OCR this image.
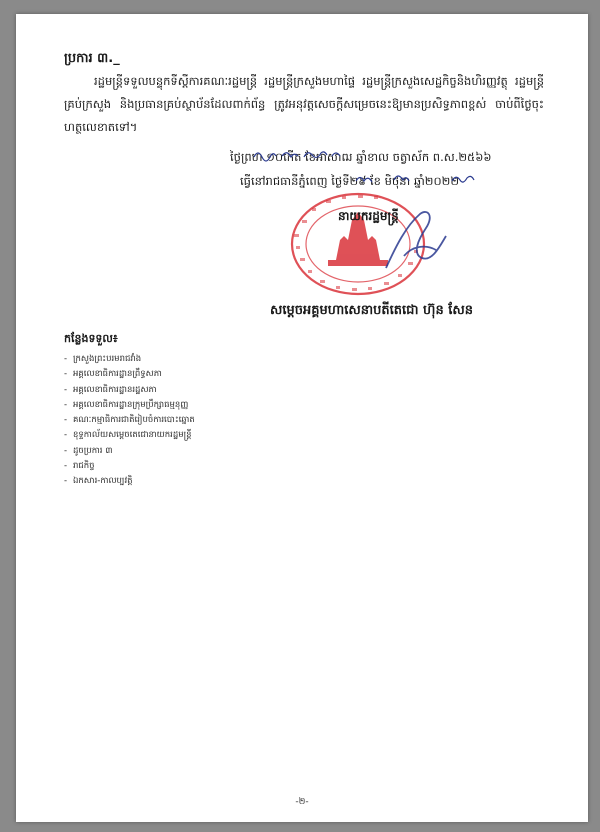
ប្រការ ៣._
រដ្ឋមន្ត្រីទទួលបន្ទុកទីស្តីការគណៈរដ្ឋមន្ត្រី រដ្ឋមន្ត្រីក្រសួងមហាផ្ទៃ រដ្ឋមន្ត្រីក្រសួងសេដ្ឋកិច្ចនិងហិរញ្ញវត្ថុ រដ្ឋមន្ត្រីគ្រប់ក្រសួង និងប្រធានគ្រប់ស្ថាប័នដែលពាក់ព័ន្ធ ត្រូវអនុវត្តសេចក្តីសម្រេចនេះឱ្យមានប្រសិទ្ធភាពខ្ពស់ ចាប់ពីថ្ងៃចុះហត្ថលេខាតទៅ។
ថ្ងៃព្រហ ១០កើត ខែអាសាឍ ឆ្នាំខាល ចត្វាស័ក ព.ស.២៥៦៦
ធ្វើនៅរាជធានីភ្នំពេញ ថ្ងៃទី២៩ ខែ មិថុនា ឆ្នាំ២០២២
នាយករដ្ឋមន្ត្រី
សម្តេចអគ្គមហាសេនាបតីតេជោ ហ៊ុន សែន
កន្លែងទទួល៖
- ក្រសួងព្រះបរមរាជវាំង
- អគ្គលេខាធិការដ្ឋានព្រឹទ្ធសភា
- អគ្គលេខាធិការដ្ឋានរដ្ឋសភា
- អគ្គលេខាធិការដ្ឋានក្រុមប្រឹក្សាធម្មនុញ្ញ
- គណៈកម្មាធិការជាតិរៀបចំការបោះឆ្នោត
- ខុទ្ទកាល័យសម្តេចតេជោនាយករដ្ឋមន្ត្រី
- ដូចប្រការ ៣
- រាជកិច្ច
- ឯកសារ-កាលប្បវត្តិ
-២-
